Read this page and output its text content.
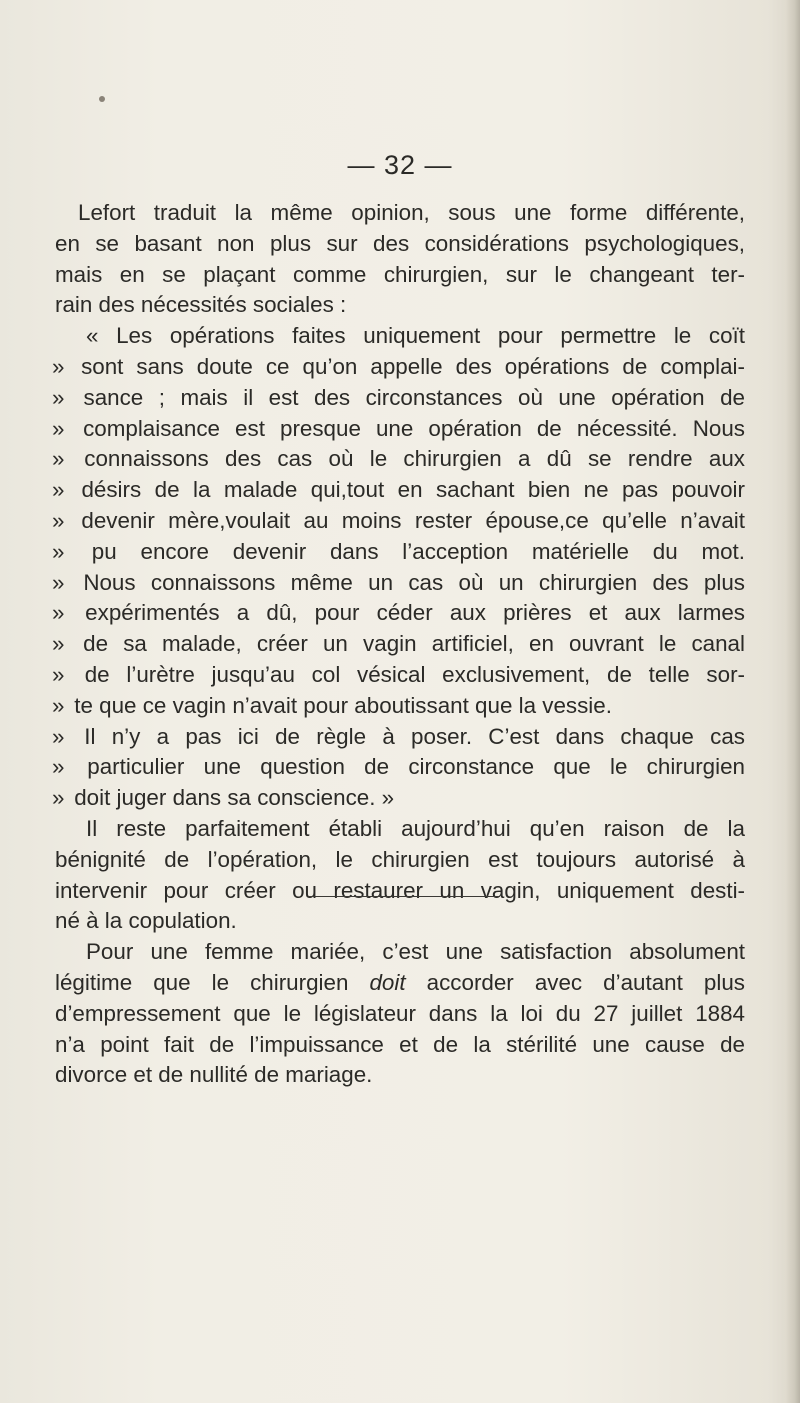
— 32 —
Lefort traduit la même opinion, sous une forme différente,
en se basant non plus sur des considérations psychologiques,
mais en se plaçant comme chirurgien, sur le changeant ter-
rain des nécessités sociales :
« Les opérations faites uniquement pour permettre le coït
» sont sans doute ce qu’on appelle des opérations de complai-
» sance ; mais il est des circonstances où une opération de
» complaisance est presque une opération de nécessité. Nous
» connaissons des cas où le chirurgien a dû se rendre aux
» désirs de la malade qui,tout en sachant bien ne pas pouvoir
» devenir mère,voulait au moins rester épouse,ce qu’elle n’avait
» pu encore devenir dans l’acception matérielle du mot.
» Nous connaissons même un cas où un chirurgien des plus
» expérimentés a dû, pour céder aux prières et aux larmes
» de sa malade, créer un vagin artificiel, en ouvrant le canal
» de l’urètre jusqu’au col vésical exclusivement, de telle sor-
» te que ce vagin n’avait pour aboutissant que la vessie.
» Il n’y a pas ici de règle à poser. C’est dans chaque cas
» particulier une question de circonstance que le chirurgien
» doit juger dans sa conscience. »
Il reste parfaitement établi aujourd’hui qu’en raison de la
bénignité de l’opération, le chirurgien est toujours autorisé à
intervenir pour créer ou restaurer un vagin, uniquement desti-
né à la copulation.
Pour une femme mariée, c’est une satisfaction absolument
légitime que le chirurgien doit accorder avec d’autant plus
d’empressement que le législateur dans la loi du 27 juillet 1884
n’a point fait de l’impuissance et de la stérilité une cause de
divorce et de nullité de mariage.
